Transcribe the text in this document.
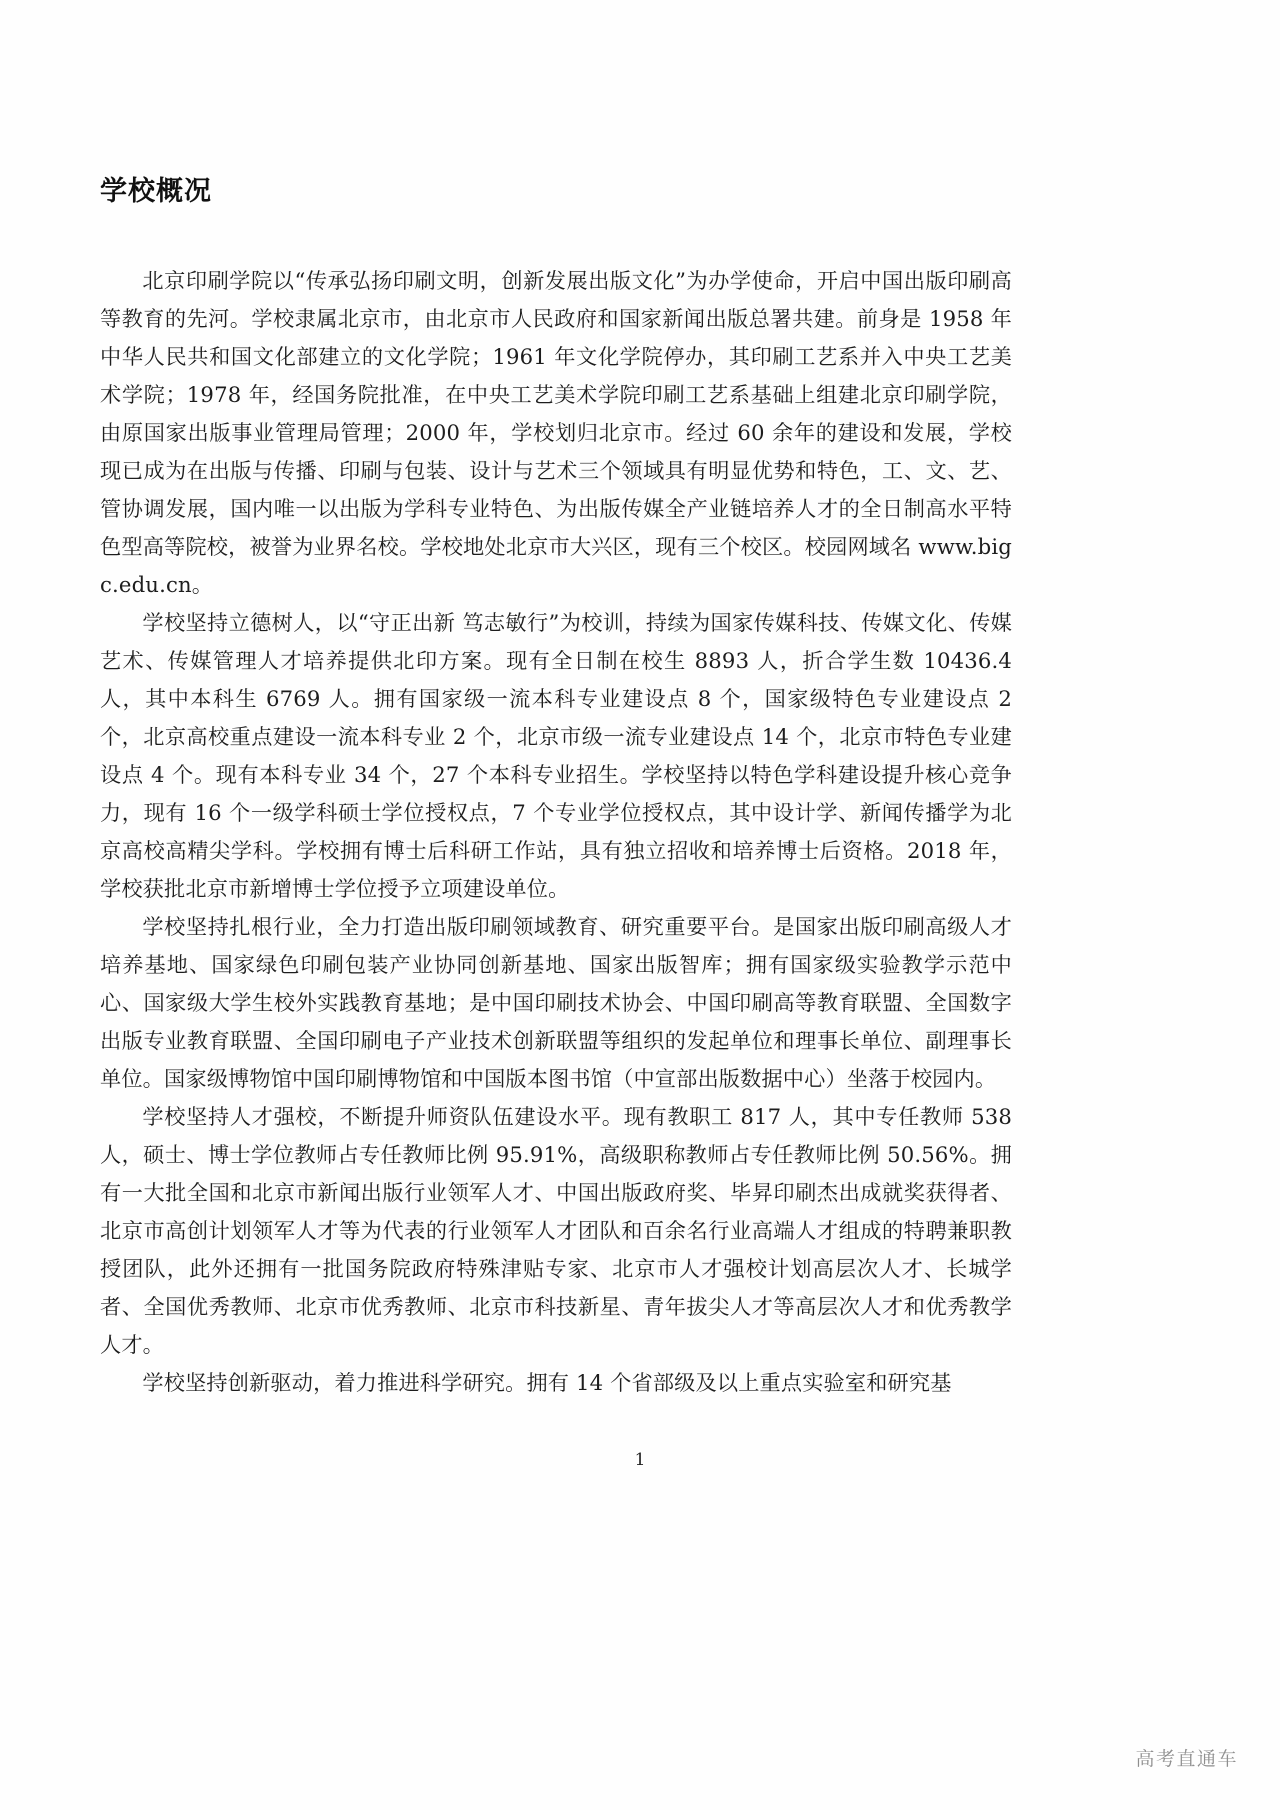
学校概况

北京印刷学院以“传承弘扬印刷文明，创新发展出版文化”为办学使命，开启中国出版印刷高等教育的先河。学校隶属北京市，由北京市人民政府和国家新闻出版总署共建。前身是 1958 年中华人民共和国文化部建立的文化学院；1961 年文化学院停办，其印刷工艺系并入中央工艺美术学院；1978 年，经国务院批准，在中央工艺美术学院印刷工艺系基础上组建北京印刷学院，由原国家出版事业管理局管理；2000 年，学校划归北京市。经过 60 余年的建设和发展，学校现已成为在出版与传播、印刷与包装、设计与艺术三个领域具有明显优势和特色，工、文、艺、管协调发展，国内唯一以出版为学科专业特色、为出版传媒全产业链培养人才的全日制高水平特色型高等院校，被誉为业界名校。学校地处北京市大兴区，现有三个校区。校园网域名 www.bigc.edu.cn。

学校坚持立德树人，以“守正出新 笃志敏行”为校训，持续为国家传媒科技、传媒文化、传媒艺术、传媒管理人才培养提供北印方案。现有全日制在校生 8893 人，折合学生数 10436.4 人，其中本科生 6769 人。拥有国家级一流本科专业建设点 8 个，国家级特色专业建设点 2 个，北京高校重点建设一流本科专业 2 个，北京市级一流专业建设点 14 个，北京市特色专业建设点 4 个。现有本科专业 34 个，27 个本科专业招生。学校坚持以特色学科建设提升核心竞争力，现有 16 个一级学科硕士学位授权点，7 个专业学位授权点，其中设计学、新闻传播学为北京高校高精尖学科。学校拥有博士后科研工作站，具有独立招收和培养博士后资格。2018 年，学校获批北京市新增博士学位授予立项建设单位。

学校坚持扎根行业，全力打造出版印刷领域教育、研究重要平台。是国家出版印刷高级人才培养基地、国家绿色印刷包装产业协同创新基地、国家出版智库；拥有国家级实验教学示范中心、国家级大学生校外实践教育基地；是中国印刷技术协会、中国印刷高等教育联盟、全国数字出版专业教育联盟、全国印刷电子产业技术创新联盟等组织的发起单位和理事长单位、副理事长单位。国家级博物馆中国印刷博物馆和中国版本图书馆（中宣部出版数据中心）坐落于校园内。

学校坚持人才强校，不断提升师资队伍建设水平。现有教职工 817 人，其中专任教师 538 人，硕士、博士学位教师占专任教师比例 95.91%，高级职称教师占专任教师比例 50.56%。拥有一大批全国和北京市新闻出版行业领军人才、中国出版政府奖、毕昇印刷杰出成就奖获得者、北京市高创计划领军人才等为代表的行业领军人才团队和百余名行业高端人才组成的特聘兼职教授团队，此外还拥有一批国务院政府特殊津贴专家、北京市人才强校计划高层次人才、长城学者、全国优秀教师、北京市优秀教师、北京市科技新星、青年拔尖人才等高层次人才和优秀教学人才。

学校坚持创新驱动，着力推进科学研究。拥有 14 个省部级及以上重点实验室和研究基

1
高考直通车
